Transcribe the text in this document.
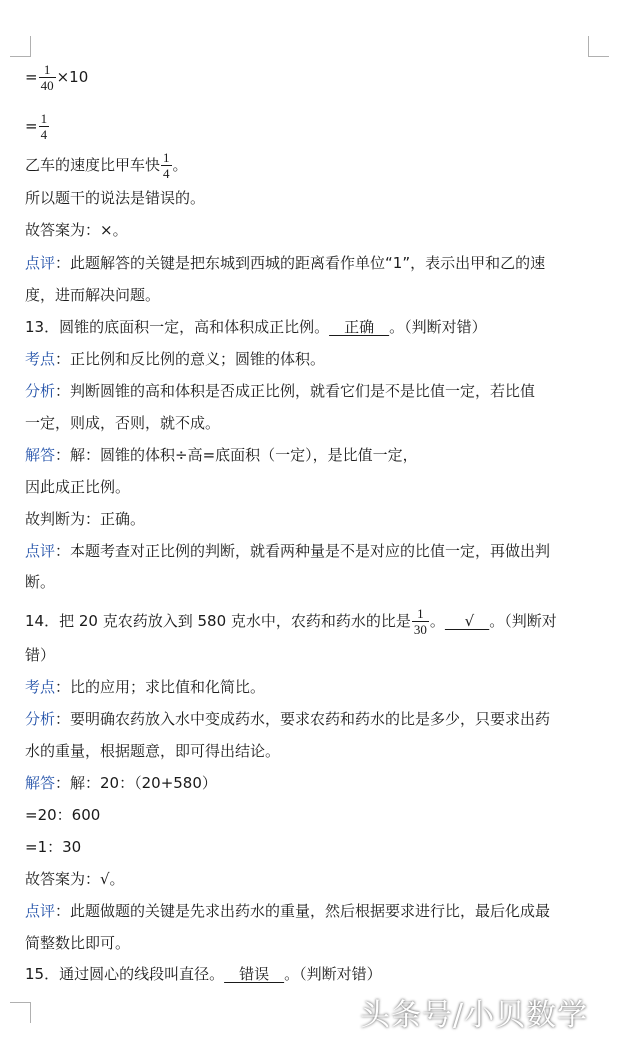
= $\frac{1}{40} \times 10$
= $\frac{1}{4}$
乙车的速度比甲车快 $\frac{1}{4}$ 。
所以题干的说法是错误的。
故答案为：×。
点评：此题解答的关键是把东城到西城的距离看作单位“1”，表示出甲和乙的速
度，进而解决问题。
13．圆锥的底面积一定，高和体积成正比例。　正确　。（判断对错）
考点：正比例和反比例的意义；圆锥的体积。
分析：判断圆锥的高和体积是否成正比例，就看它们是不是比值一定，若比值
一定，则成，否则，就不成。
解答：解：圆锥的体积÷高=底面积（一定），是比值一定，
因此成正比例。
故判断为：正确。
点评：本题考查对正比例的判断，就看两种量是不是对应的比值一定，再做出判
断。
14．把 20 克农药放入到 580 克水中，农药和药水的比是 $\frac{1}{30}$ 。　 √　。（判断对
错）
考点：比的应用；求比值和化简比。
分析：要明确农药放入水中变成药水，要求农药和药水的比是多少，只要求出药
水的重量，根据题意，即可得出结论。
解答：解：20：（20+580）
=20：600
=1：30
故答案为：√。
点评：此题做题的关键是先求出药水的重量，然后根据要求进行比，最后化成最
简整数比即可。
15．通过圆心的线段叫直径。　错误　。（判断对错）
头条号/小贝数学
